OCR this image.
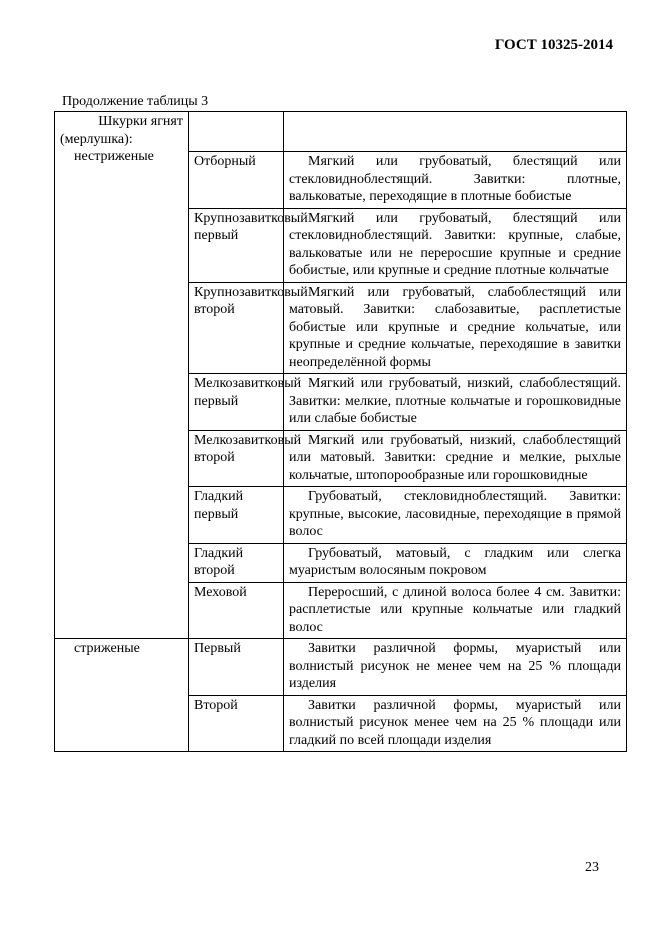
ГОСТ 10325-2014
Продолжение таблицы 3
Шкурки ягнят
(мерлушка):
нестриженые		

	Отборный	Мягкий или грубоватый, блестящий или стекловидноблестящий. Завитки: плотные, вальковатые, переходящие в плотные бобистые

	Крупнозавитковый первый	Мягкий или грубоватый, блестящий или стекловидноблестящий. Завитки: крупные, слабые, вальковатые или не переросшие крупные и средние бобистые, или крупные и средние плотные кольчатые

	Крупнозавитковый второй	Мягкий или грубоватый, слабоблестящий или матовый. Завитки: слабозавитые, расплетистые бобистые или крупные и средние кольчатые, или крупные и средние кольчатые, переходяшие в завитки неопределённой формы

	Мелкозавитковый первый	Мягкий или грубоватый, низкий, слабоблестящий. Завитки: мелкие, плотные кольчатые и горошковидные или слабые бобистые

	Мелкозавитковый второй	Мягкий или грубоватый, низкий, слабоблестящий или матовый. Завитки: средние и мелкие, рыхлые кольчатые, штопорообразные или горошковидные

	Гладкий первый	Грубоватый, стекловидноблестящий. Завитки: крупные, высокие, ласовидные, переходящие в прямой волос

	Гладкий второй	Грубоватый, матовый, с гладким или слегка муаристым волосяным покровом

	Меховой	Переросший, с длиной волоса более 4 см. Завитки: расплетистые или крупные кольчатые или гладкий волос

стриженые	Первый	Завитки различной формы, муаристый или волнистый рисунок не менее чем на 25 % площади изделия

	Второй	Завитки различной формы, муаристый или волнистый рисунок менее чем на 25 % площади или гладкий по всей площади изделия
23
